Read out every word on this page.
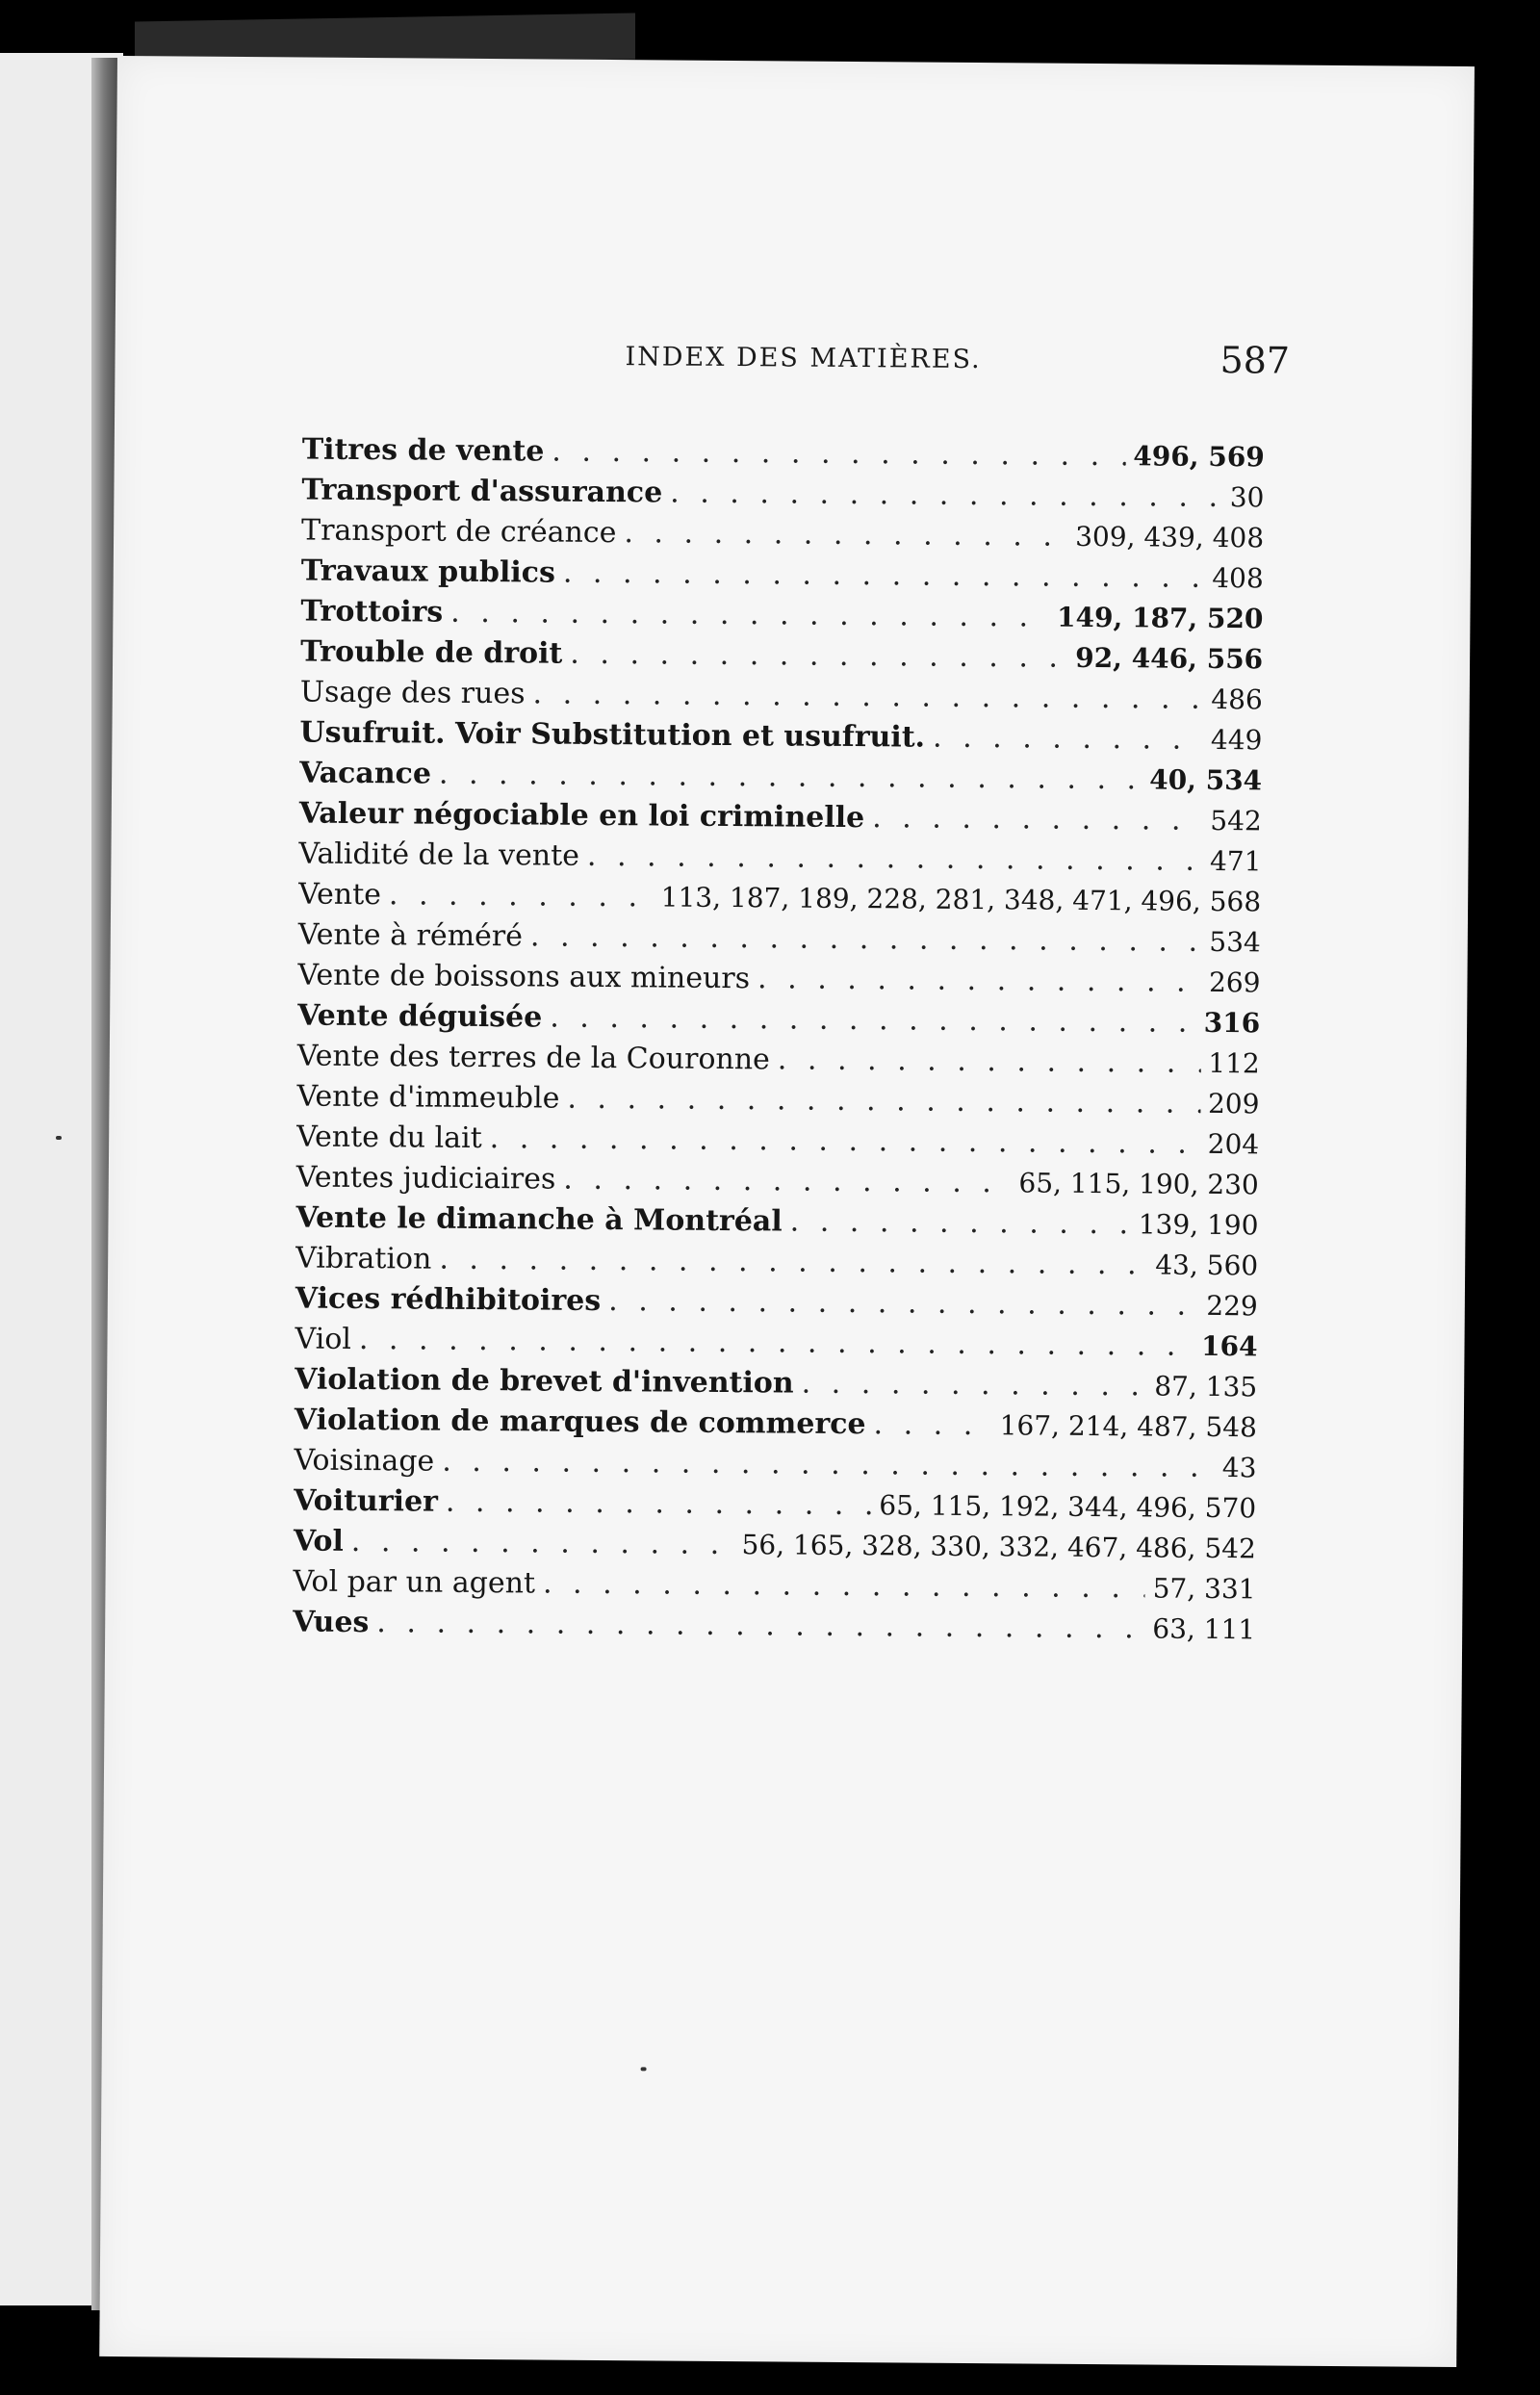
INDEX DES MATIÈRES.	587
Titres de vente . . .	496, 569
Transport d'assurance . . .	30
Transport de créance . . .	309, 439, 408
Travaux publics . . .	408
Trottoirs . . .	149, 187, 520
Trouble de droit . . .	92, 446, 556
Usage des rues . . .	486
Usufruit. Voir Substitution et usufruit. . . .	449
Vacance . . .	40, 534
Valeur négociable en loi criminelle . . .	542
Validité de la vente . . .	471
Vente . . .	113, 187, 189, 228, 281, 348, 471, 496, 568
Vente à réméré . . .	534
Vente de boissons aux mineurs . . .	269
Vente déguisée . . .	316
Vente des terres de la Couronne . . .	112
Vente d'immeuble . . .	209
Vente du lait . . .	204
Ventes judiciaires . . .	65, 115, 190, 230
Vente le dimanche à Montréal . . .	139, 190
Vibration . . .	43, 560
Vices rédhibitoires . . .	229
Viol . . .	164
Violation de brevet d'invention . . .	87, 135
Violation de marques de commerce . . .	167, 214, 487, 548
Voisinage . . .	43
Voiturier . . .	65, 115, 192, 344, 496, 570
Vol . . .	56, 165, 328, 330, 332, 467, 486, 542
Vol par un agent . . .	57, 331
Vues . . .	63, 111
